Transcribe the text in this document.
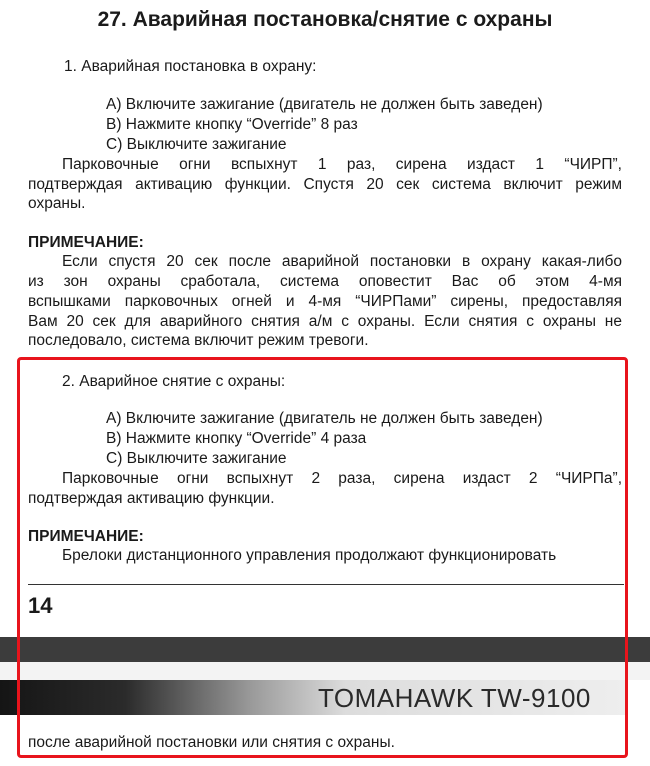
27. Аварийная постановка/снятие с охраны
1. Аварийная постановка в охрану:
A) Включите зажигание (двигатель не должен быть заведен)
B) Нажмите кнопку “Override” 8 раз
C) Выключите зажигание
Парковочные огни вспыхнут 1 раз, сирена издаст 1 “ЧИРП”,
подтверждая активацию функции. Спустя 20 сек система включит режим
охраны.
ПРИМЕЧАНИЕ:
Если спустя 20 сек после аварийной постановки в охрану какая-либо
из зон охраны сработала, система оповестит Вас об этом 4-мя
вспышками парковочных огней и 4-мя “ЧИРПами” сирены, предоставляя
Вам 20 сек для аварийного снятия а/м с охраны. Если снятия с охраны не
последовало, система включит режим тревоги.
2. Аварийное снятие с охраны:
A) Включите зажигание (двигатель не должен быть заведен)
B) Нажмите кнопку “Override” 4 раза
C) Выключите зажигание
Парковочные огни вспыхнут 2 раза, сирена издаст 2 “ЧИРПа”,
подтверждая активацию функции.
ПРИМЕЧАНИЕ:
Брелоки дистанционного управления продолжают функционировать
14
TOMAHAWK TW-9100
после аварийной постановки или снятия с охраны.
